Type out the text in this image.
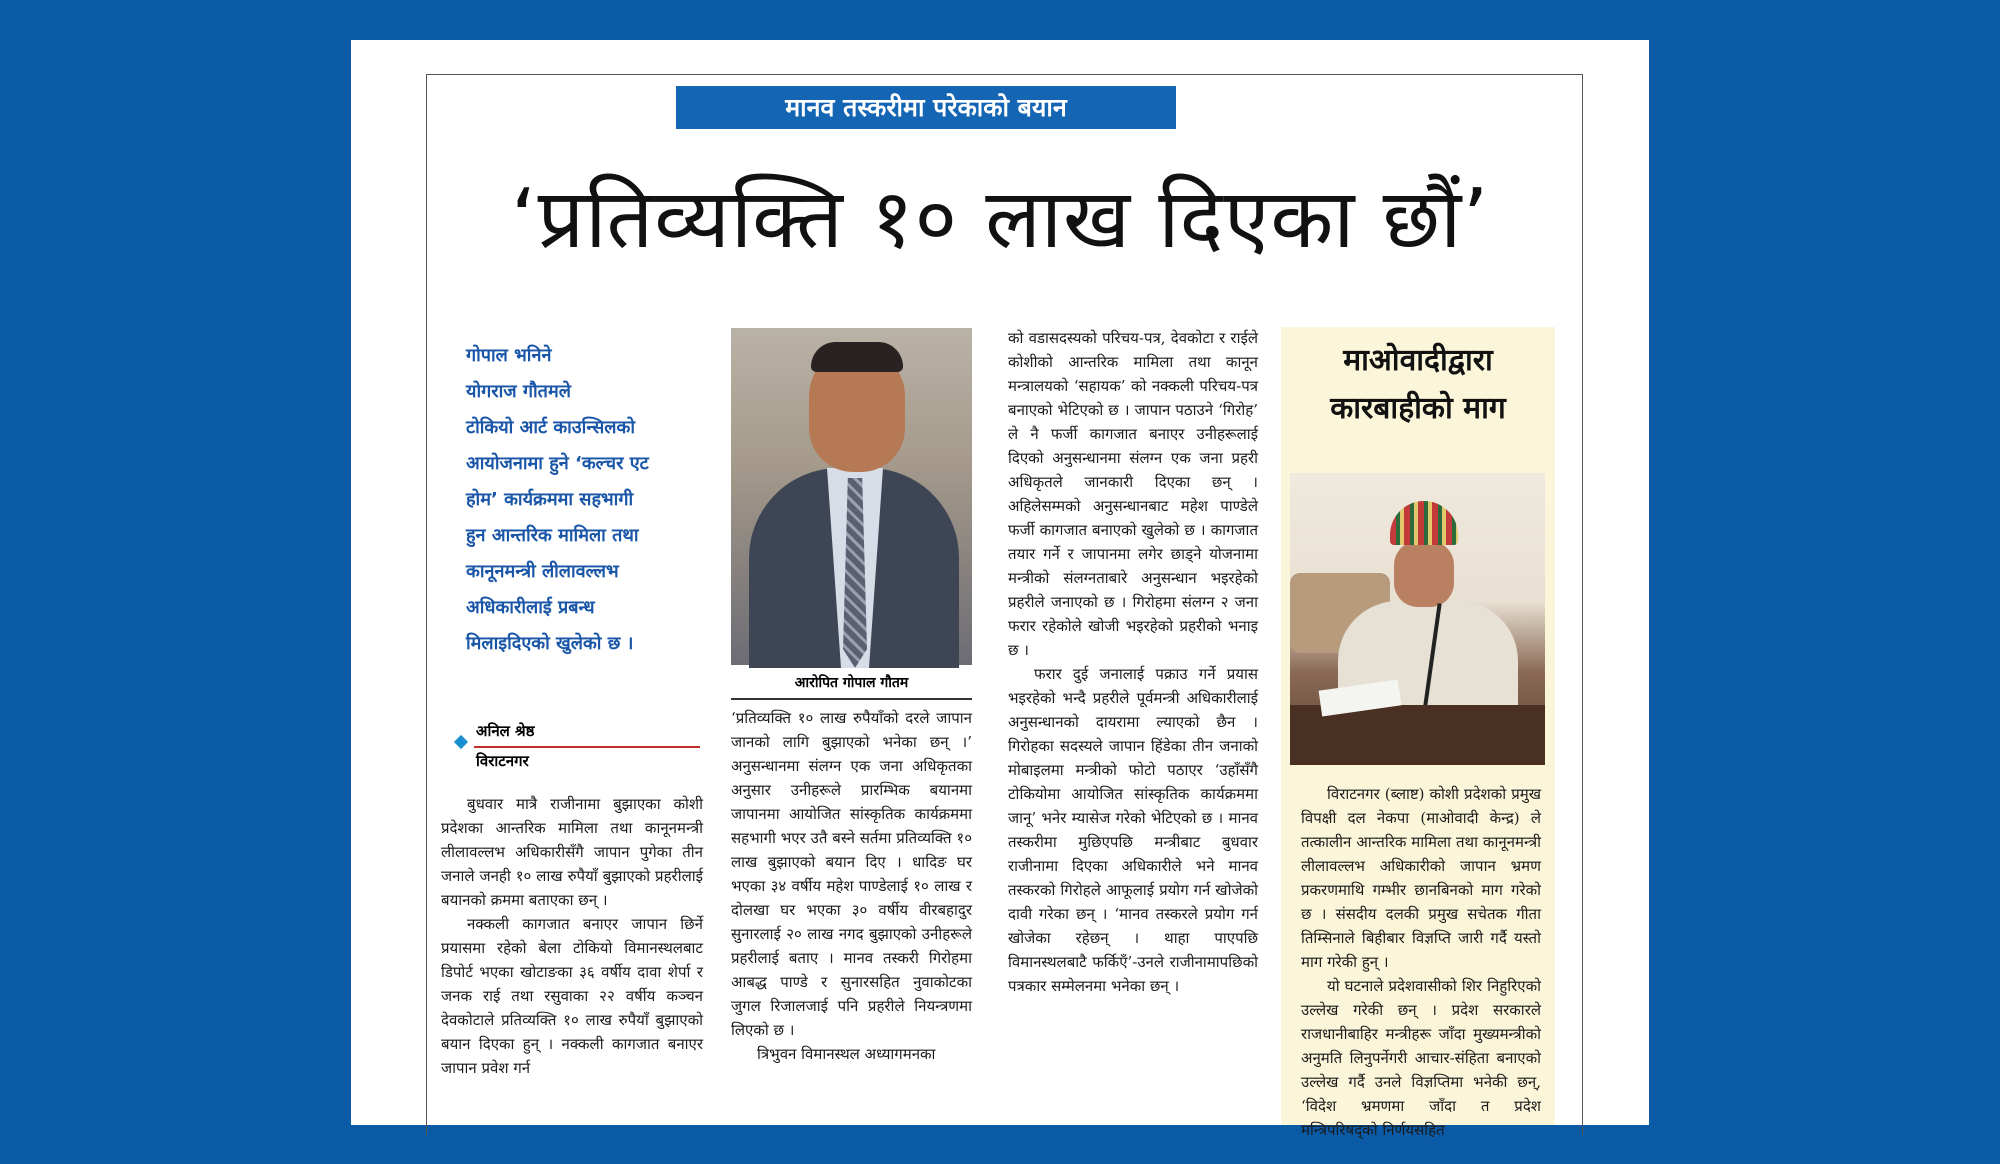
मानव तस्करीमा परेकाको बयान
‘प्रतिव्यक्ति १० लाख दिएका छौं’
गोपाल भनिने
योगराज गौतमले
टोकियो आर्ट काउन्सिलको
आयोजनामा हुने ‘कल्चर एट
होम’ कार्यक्रममा सहभागी
हुन आन्तरिक मामिला तथा
कानूनमन्त्री लीलावल्लभ
अधिकारीलाई प्रबन्ध
मिलाइदिएको खुलेको छ ।
अनिल श्रेष्ठ
विराटनगर

बुधवार मात्रै राजीनामा बुझाएका कोशी प्रदेशका आन्तरिक मामिला तथा कानूनमन्त्री लीलावल्लभ अधिकारीसँगै जापान पुगेका तीन जनाले जनही १० लाख रुपैयाँ बुझाएको प्रहरीलाई बयानको क्रममा बताएका छन् ।

नक्कली कागजात बनाएर जापान छिर्ने प्रयासमा रहेको बेला टोकियो विमानस्थलबाट डिपोर्ट भएका खोटाङका ३६ वर्षीय दावा शेर्पा र जनक राई तथा रसुवाका २२ वर्षीय कञ्चन देवकोटाले प्रतिव्यक्ति १० लाख रुपैयाँ बुझाएको बयान दिएका हुन् । नक्कली कागजात बनाएर जापान प्रवेश गर्न

आरोपित गोपाल गौतम

‘प्रतिव्यक्ति १० लाख रुपैयाँको दरले जापान जानको लागि बुझाएको भनेका छन् ।’ अनुसन्धानमा संलग्न एक जना अधिकृतका अनुसार उनीहरूले प्रारम्भिक बयानमा जापानमा आयोजित सांस्कृतिक कार्यक्रममा सहभागी भएर उतै बस्ने सर्तमा प्रतिव्यक्ति १० लाख बुझाएको बयान दिए । धादिङ घर भएका ३४ वर्षीय महेश पाण्डेलाई १० लाख र दोलखा घर भएका ३० वर्षीय वीरबहादुर सुनारलाई २० लाख नगद बुझाएको उनीहरूले प्रहरीलाई बताए । मानव तस्करी गिरोहमा आबद्ध पाण्डे र सुनारसहित नुवाकोटका जुगल रिजालजाई पनि प्रहरीले नियन्त्रणमा लिएको छ ।

त्रिभुवन विमानस्थल अध्यागमनका

को वडासदस्यको परिचय-पत्र, देवकोटा र राईले कोशीको आन्तरिक मामिला तथा कानून मन्त्रालयको ‘सहायक’ को नक्कली परिचय-पत्र बनाएको भेटिएको छ । जापान पठाउने ‘गिरोह’ ले नै फर्जी कागजात बनाएर उनीहरूलाई दिएको अनुसन्धानमा संलग्न एक जना प्रहरी अधिकृतले जानकारी दिएका छन् । अहिलेसम्मको अनुसन्धानबाट महेश पाण्डेले फर्जी कागजात बनाएको खुलेको छ । कागजात तयार गर्ने र जापानमा लगेर छाड्ने योजनामा मन्त्रीको संलग्नताबारे अनुसन्धान भइरहेको प्रहरीले जनाएको छ । गिरोहमा संलग्न २ जना फरार रहेकोले खोजी भइरहेको प्रहरीको भनाइ छ ।

फरार दुई जनालाई पक्राउ गर्ने प्रयास भइरहेको भन्दै प्रहरीले पूर्वमन्त्री अधिकारीलाई अनुसन्धानको दायरामा ल्याएको छैन । गिरोहका सदस्यले जापान हिंडेका तीन जनाको मोबाइलमा मन्त्रीको फोटो पठाएर ‘उहाँसँगै टोकियोमा आयोजित सांस्कृतिक कार्यक्रममा जानू’ भनेर म्यासेज गरेको भेटिएको छ । मानव तस्करीमा मुछिएपछि मन्त्रीबाट बुधवार राजीनामा दिएका अधिकारीले भने मानव तस्करको गिरोहले आफूलाई प्रयोग गर्न खोजेको दावी गरेका छन् । ‘मानव तस्करले प्रयोग गर्न खोजेका रहेछन् । थाहा पाएपछि विमानस्थलबाटै फर्किएँ’-उनले राजीनामापछिको पत्रकार सम्मेलनमा भनेका छन् ।

माओवादीद्वारा
कारबाहीको माग

विराटनगर (ब्लाष्ट) कोशी प्रदेशको प्रमुख विपक्षी दल नेकपा (माओवादी केन्द्र) ले तत्कालीन आन्तरिक मामिला तथा कानूनमन्त्री लीलावल्लभ अधिकारीको जापान भ्रमण प्रकरणमाथि गम्भीर छानबिनको माग गरेको छ । संसदीय दलकी प्रमुख सचेतक गीता तिम्सिनाले बिहीबार विज्ञप्ति जारी गर्दै यस्तो माग गरेकी हुन् ।

यो घटनाले प्रदेशवासीको शिर निहुरिएको उल्लेख गरेकी छन् । प्रदेश सरकारले राजधानीबाहिर मन्त्रीहरू जाँदा मुख्यमन्त्रीको अनुमति लिनुपर्नेगरी आचार-संहिता बनाएको उल्लेख गर्दै उनले विज्ञप्तिमा भनेकी छन्, ‘विदेश भ्रमणमा जाँदा त प्रदेश मन्त्रिपरिषद्को निर्णयसहित
